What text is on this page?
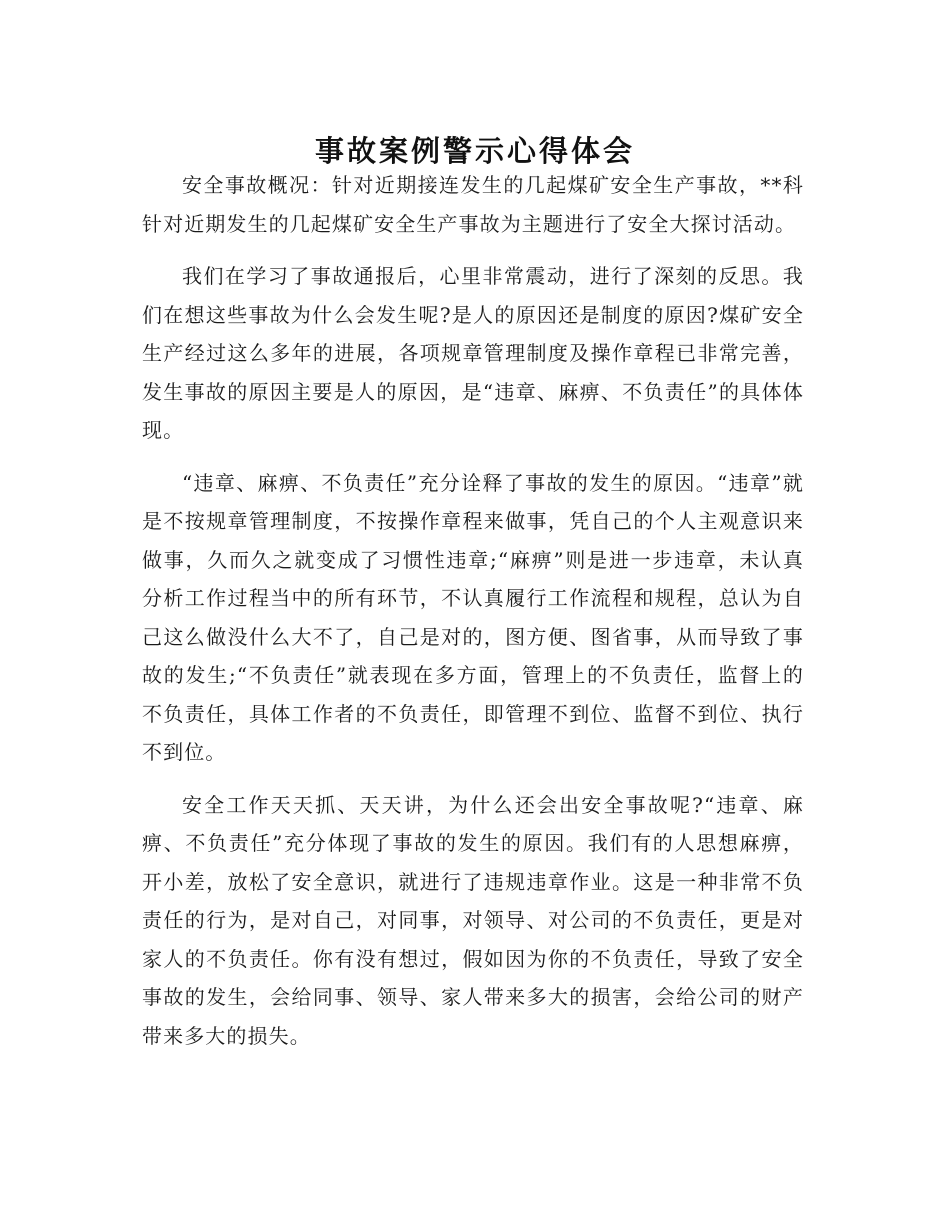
事故案例警示心得体会

安全事故概况：针对近期接连发生的几起煤矿安全生产事故，**科针对近期发生的几起煤矿安全生产事故为主题进行了安全大探讨活动。

我们在学习了事故通报后，心里非常震动，进行了深刻的反思。我们在想这些事故为什么会发生呢?是人的原因还是制度的原因?煤矿安全生产经过这么多年的进展，各项规章管理制度及操作章程已非常完善，发生事故的原因主要是人的原因，是“违章、麻痹、不负责任”的具体体现。

“违章、麻痹、不负责任”充分诠释了事故的发生的原因。“违章”就是不按规章管理制度，不按操作章程来做事，凭自己的个人主观意识来做事，久而久之就变成了习惯性违章;“麻痹”则是进一步违章，未认真分析工作过程当中的所有环节，不认真履行工作流程和规程，总认为自己这么做没什么大不了，自己是对的，图方便、图省事，从而导致了事故的发生;“不负责任”就表现在多方面，管理上的不负责任，监督上的不负责任，具体工作者的不负责任，即管理不到位、监督不到位、执行不到位。

安全工作天天抓、天天讲，为什么还会出安全事故呢?“违章、麻痹、不负责任”充分体现了事故的发生的原因。我们有的人思想麻痹，开小差，放松了安全意识，就进行了违规违章作业。这是一种非常不负责任的行为，是对自己，对同事，对领导、对公司的不负责任，更是对家人的不负责任。你有没有想过，假如因为你的不负责任，导致了安全事故的发生，会给同事、领导、家人带来多大的损害，会给公司的财产带来多大的损失。
